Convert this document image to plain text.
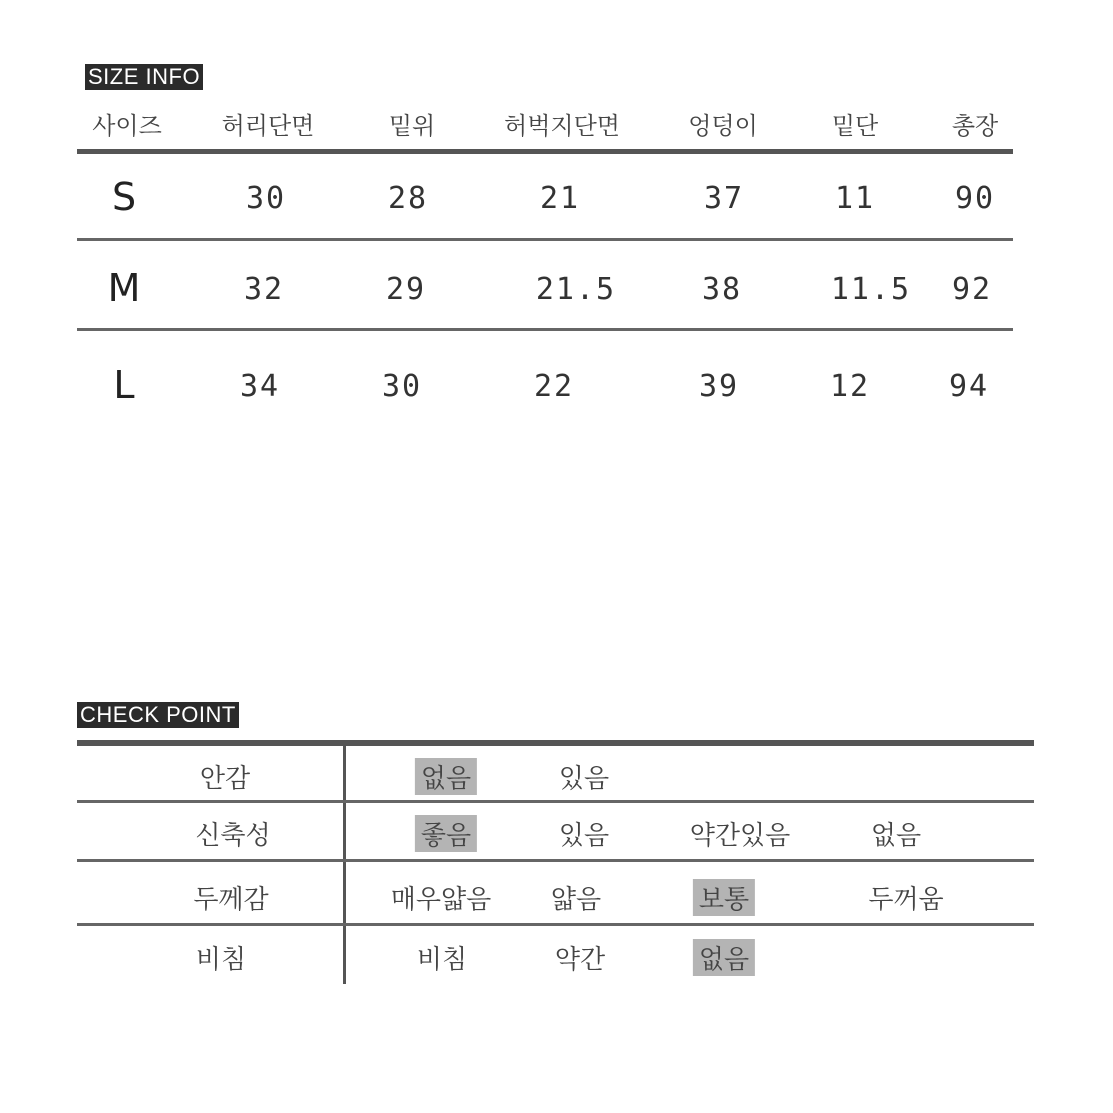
SIZE INFO
사이즈 허리단면	밑위	허벅지단면	엉덩이	밑단	총장
S	30	28	21	37	11	90
M	32	29	21.5	38	11.5 92
L	34	30	22	39	12	94
CHECK POINT
안감	없음	있음
신축성	좋음	있음	약간있음	없음
두께감	매우얇음 얇음	보통	두꺼움
비침	비침	약간	없음
